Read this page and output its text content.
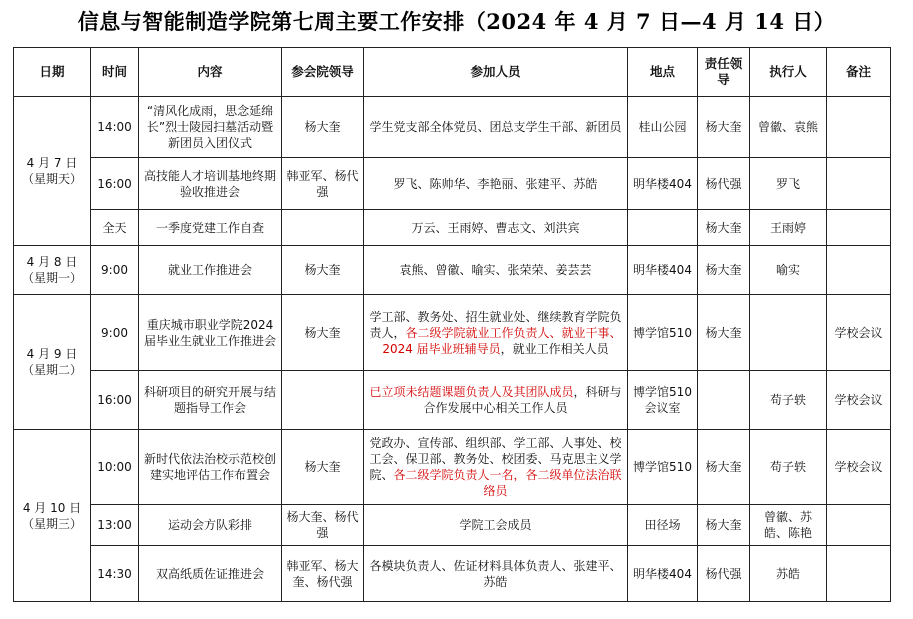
信息与智能制造学院第七周主要工作安排（2024 年 4 月 7 日—4 月 14 日）
日期	时间	内容	参会院领导	参加人员	地点	责任领导	执行人	备注

4 月 7 日
（星期天）	14:00	“清风化成雨，思念延绵长”烈士陵园扫墓活动暨新团员入团仪式	杨大奎	学生党支部全体党员、团总支学生干部、新团员	桂山公园	杨大奎	曾徽、袁熊	
	16:00	高技能人才培训基地终期验收推进会	韩亚军、杨代强	罗飞、陈帅华、李艳丽、张建平、苏皓	明华楼404	杨代强	罗飞	
	全天	一季度党建工作自查		万云、王雨婷、曹志文、刘洪宾		杨大奎	王雨婷	

4 月 8 日
（星期一）	9:00	就业工作推进会	杨大奎	袁熊、曾徽、喻实、张荣荣、姜芸芸	明华楼404	杨大奎	喻实	

4 月 9 日
（星期二）	9:00	重庆城市职业学院2024 届毕业生就业工作推进会	杨大奎	学工部、教务处、招生就业处、继续教育学院负责人，各二级学院就业工作负责人、就业干事、2024 届毕业班辅导员，就业工作相关人员	博学馆510	杨大奎		学校会议
	16:00	科研项目的研究开展与结题指导工作会		已立项未结题课题负责人及其团队成员，科研与合作发展中心相关工作人员	博学馆510 会议室		苟子轶	学校会议

4 月 10 日
（星期三）	10:00	新时代依法治校示范校创建实地评估工作布置会	杨大奎	党政办、宣传部、组织部、学工部、人事处、校工会、保卫部、教务处、校团委、马克思主义学院、各二级学院负责人一名，各二级单位法治联络员	博学馆510	杨大奎	苟子轶	学校会议
	13:00	运动会方队彩排	杨大奎、杨代强	学院工会成员	田径场	杨大奎	曾徽、苏皓、陈艳	
	14:30	双高纸质佐证推进会	韩亚军、杨大奎、杨代强	各模块负责人、佐证材料具体负责人、张建平、苏皓	明华楼404	杨代强	苏皓	
